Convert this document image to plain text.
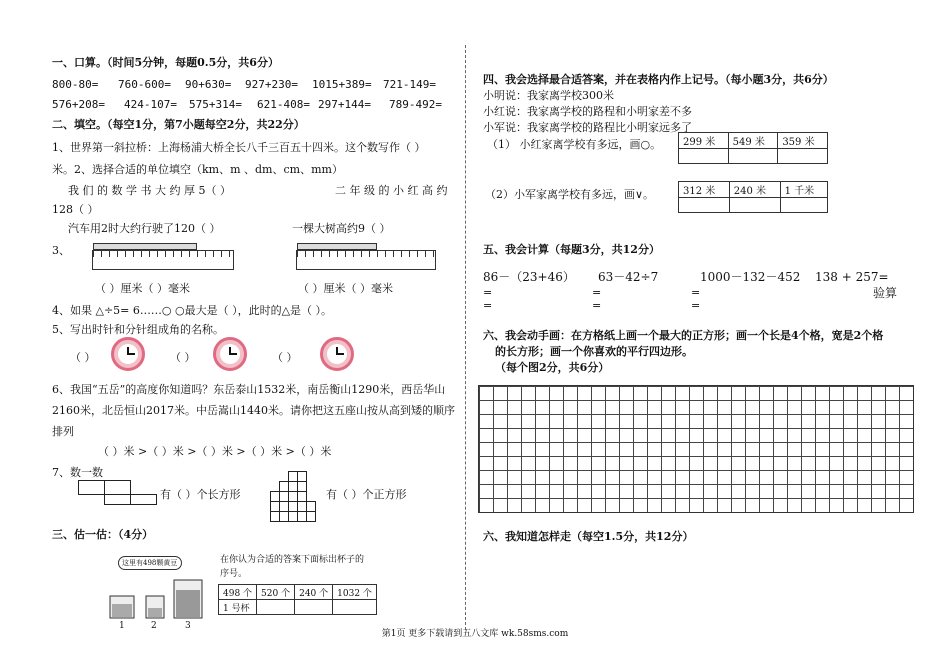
一、口算。（时间5分钟，每题0.5分，共6分）
800-80= 760-600= 90+630= 927+230= 1015+389= 721-149=
576+208= 424-107= 575+314= 621-408= 297+144= 789-492=
二、填空。（每空1分，第7小题每空2分，共22分）
1、世界第一斜拉桥：上海杨浦大桥全长八千三百五十四米。这个数写作（ ）
米。2、选择合适的单位填空（km、m 、dm、cm、mm）
我 们 的 数 学 书 大 约 厚 5（ ）	二 年 级 的 小 红 高 约
128（ ）
汽车用2时大约行驶了120（ ）	一棵大树高约9（ ）
3、
（ ）厘米（ ）毫米	（ ）厘米（ ）毫米
4、如果 △÷5= 6……○ ○最大是（ ），此时的△是（ ）。
5、写出时针和分针组成角的名称。
（ ）	（ ）	（ ）
6、我国“五岳”的高度你知道吗？东岳泰山1532米，南岳衡山1290米，西岳华山
2160米，北岳恒山2017米。中岳嵩山1440米。请你把这五座山按从高到矮的顺序
排列
（ ）米 >（ ）米 >（ ）米 >（ ）米 >（ ）米
7、数一数
有（ ）个长方形	有（ ）个正方形
三、估一估：（4分）
这里有498颗黄豆
1	2	3
在你认为合适的答案下面标出杯子的
序号。
498 个	520 个	240 个	1032 个
1 号杯			
四、我会选择最合适答案，并在表格内作上记号。（每小题3分，共6分）
小明说：我家离学校300米
小红说：我家离学校的路程和小明家差不多
小军说：我家离学校的路程比小明家远多了
（1） 小红家离学校有多远，画○。 299 米	549 米	359 米

（2）小军家离学校有多远，画∨。	312 米	240 米	1 千米

五、我会计算（每题3分，共12分）
86－（23+46） 63－42÷7	1000－132－452 138 + 257=
验算
=
=
=
=
=
=
六、我会动手画：在方格纸上画一个最大的正方形；画一个长是4个格，宽是2个格
的长方形；画一个你喜欢的平行四边形。
（每个图2分，共6分）
六、我知道怎样走（每空1.5分，共12分）
第1页 更多下载请到五八文库 wk.58sms.com
